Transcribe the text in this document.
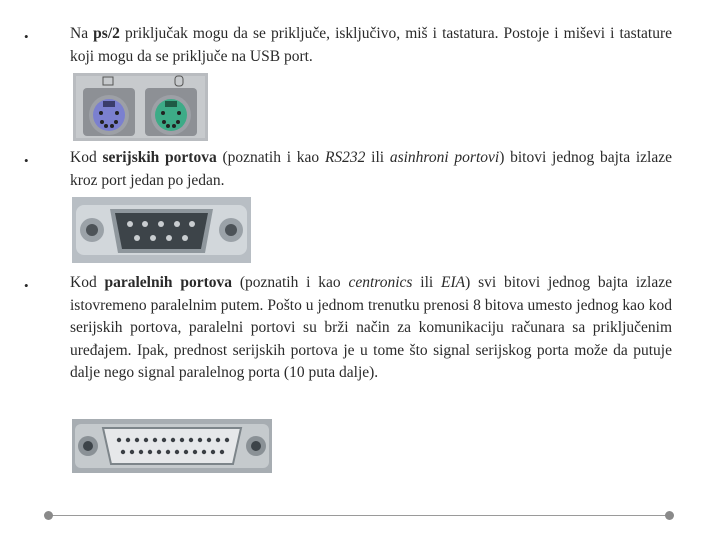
•	Na ps/2 priključak mogu da se priključe, isključivo, miš i tastatura. Postoje i miševi i tastature koji mogu da se priključe na USB port.
•	Kod serijskih portova (poznatih i kao RS232 ili asinhroni portovi) bitovi jednog bajta izlaze kroz port jedan po jedan.
•	Kod paralelnih portova (poznatih i kao centronics ili EIA) svi bitovi jednog bajta izlaze istovremeno paralelnim putem. Pošto u jednom trenutku prenosi 8 bitova umesto jednog kao kod serijskih portova, paralelni portovi su brži način za komunikaciju računara sa priključenim uređajem. Ipak, prednost serijskih portova je u tome što signal serijskog porta može da putuje dalje nego signal paralelnog porta (10 puta dalje).
